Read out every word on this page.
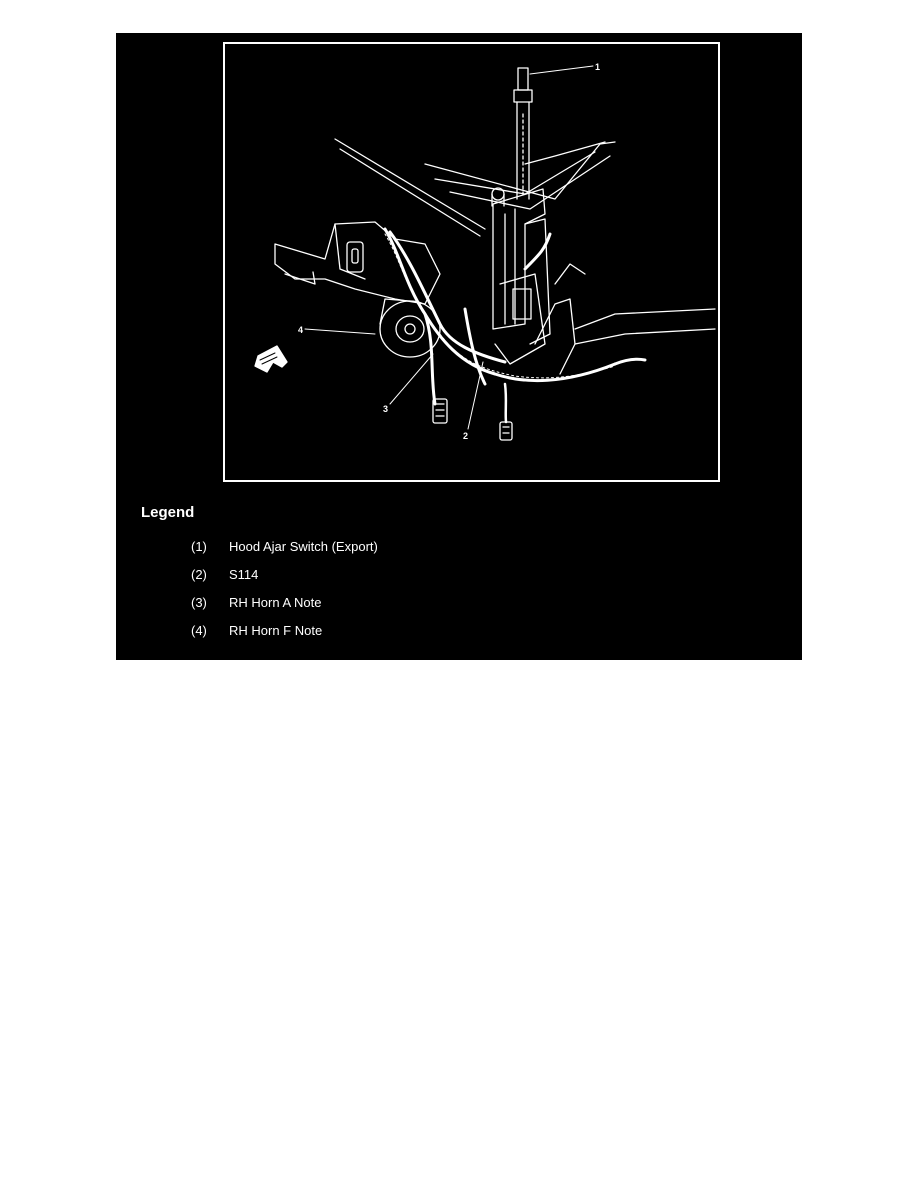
1
2
3
4
Legend
(1) Hood Ajar Switch (Export)
(2) S114
(3) RH Horn A Note
(4) RH Horn F Note
